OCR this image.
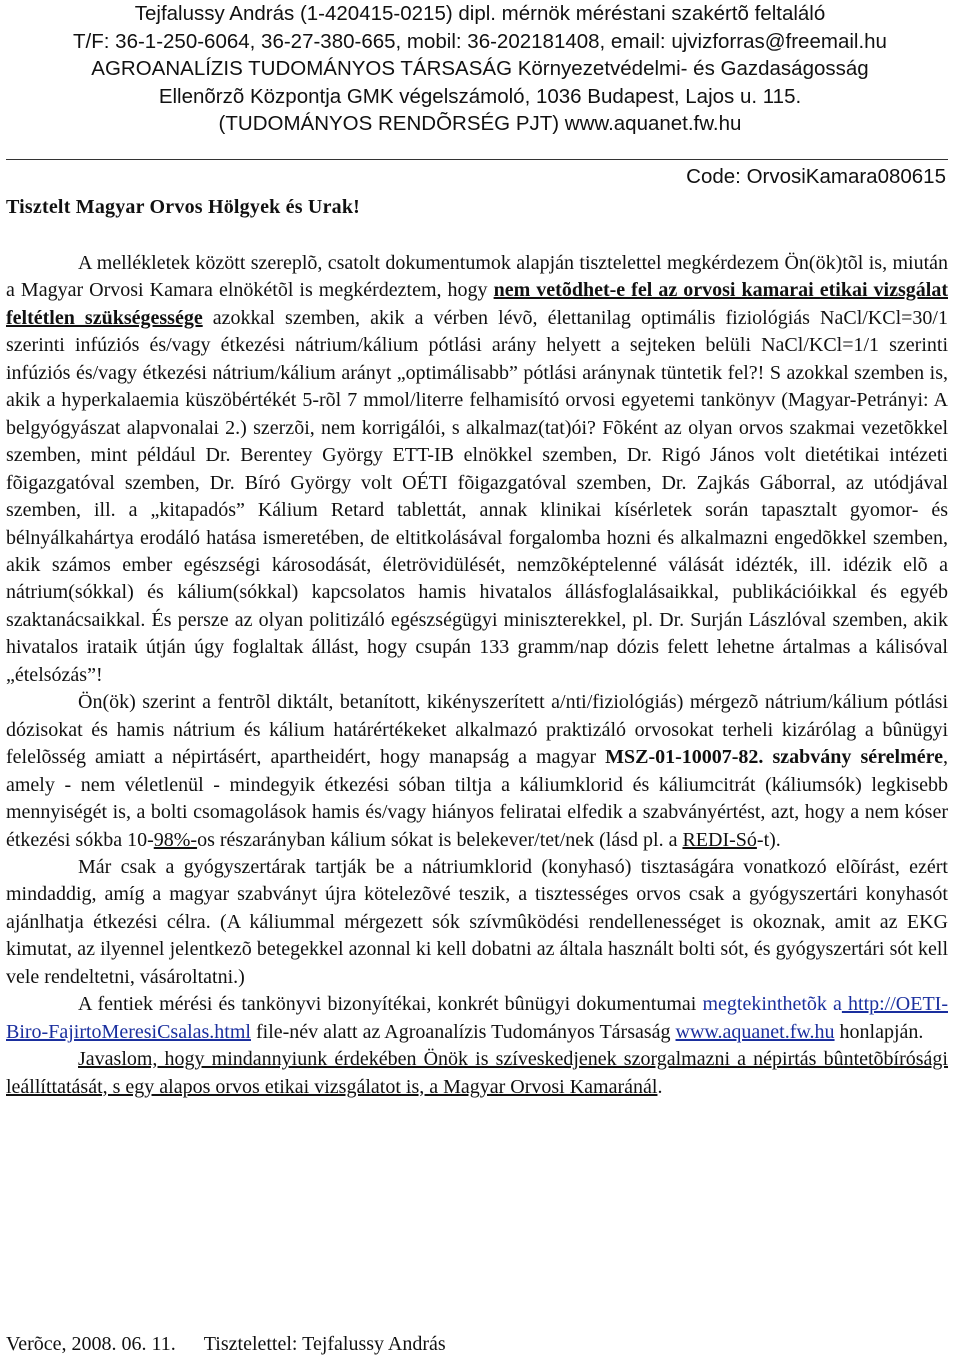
Tejfalussy András (1-420415-0215) dipl. mérnök méréstani szakértõ feltaláló
T/F: 36-1-250-6064, 36-27-380-665, mobil: 36-202181408, email: ujvizforras@freemail.hu
AGROANALÍZIS TUDOMÁNYOS TÁRSASÁG Környezetvédelmi- és Gazdaságosság
Ellenõrzõ Központja GMK végelszámoló, 1036 Budapest, Lajos u. 115.
(TUDOMÁNYOS RENDÕRSÉG PJT) www.aquanet.fw.hu
Code: OrvosiKamara080615
Tisztelt Magyar Orvos Hölgyek és Urak!

A mellékletek között szereplõ, csatolt dokumentumok alapján tisztelettel megkérdezem Ön(ök)tõl is, miután a Magyar Orvosi Kamara elnökétõl is megkérdeztem, hogy nem vetõdhet-e fel az orvosi kamarai etikai vizsgálat feltétlen szükségessége azokkal szemben, akik a vérben lévõ, élettanilag optimális fiziológiás NaCl/KCl=30/1 szerinti infúziós és/vagy étkezési nátrium/kálium pótlási arány helyett a sejteken belüli NaCl/KCl=1/1 szerinti infúziós és/vagy étkezési nátrium/kálium arányt „optimálisabb” pótlási aránynak tüntetik fel?! S azokkal szemben is, akik a hyperkalaemia küszöbértékét 5-rõl 7 mmol/literre felhamisító orvosi egyetemi tankönyv (Magyar-Petrányi: A belgyógyászat alapvonalai 2.) szerzõi, nem korrigálói, s alkalmaz(tat)ói? Fõként az olyan orvos szakmai vezetõkkel szemben, mint például Dr. Berentey György ETT-IB elnökkel szemben, Dr. Rigó János volt dietétikai intézeti fõigazgatóval szemben, Dr. Bíró György volt OÉTI fõigazgatóval szemben, Dr. Zajkás Gáborral, az utódjával szemben, ill. a „kitapadós” Kálium Retard tablettát, annak klinikai kísérletek során tapasztalt gyomor- és bélnyálkahártya erodáló hatása ismeretében, de eltitkolásával forgalomba hozni és alkalmazni engedõkkel szemben, akik számos ember egészségi károsodását, életrövidülését, nemzõképtelenné válását idézték, ill. idézik elõ a nátrium(sókkal) és kálium(sókkal) kapcsolatos hamis hivatalos állásfoglalásaikkal, publikációikkal és egyéb szaktanácsaikkal. És persze az olyan politizáló egészségügyi miniszterekkel, pl. Dr. Surján Lászlóval szemben, akik hivatalos irataik útján úgy foglaltak állást, hogy csupán 133 gramm/nap dózis felett lehetne ártalmas a kálisóval „ételsózás”!

Ön(ök) szerint a fentrõl diktált, betanított, kikényszerített a/nti/fiziológiás) mérgezõ nátrium/kálium pótlási dózisokat és hamis nátrium és kálium határértékeket alkalmazó praktizáló orvosokat terheli kizárólag a bûnügyi felelõsség amiatt a népirtásért, apartheidért, hogy manapság a magyar MSZ-01-10007-82. szabvány sérelmére, amely - nem véletlenül - mindegyik étkezési sóban tiltja a káliumklorid és káliumcitrát (káliumsók) legkisebb mennyiségét is, a bolti csomagolások hamis és/vagy hiányos feliratai elfedik a szabványértést, azt, hogy a nem kóser étkezési sókba 10-98%-os részarányban kálium sókat is belekever/tet/nek (lásd pl. a REDI-Só-t).

Már csak a gyógyszertárak tartják be a nátriumklorid (konyhasó) tisztaságára vonatkozó elõírást, ezért mindaddig, amíg a magyar szabványt újra kötelezõvé teszik, a tisztességes orvos csak a gyógyszertári konyhasót ajánlhatja étkezési célra. (A káliummal mérgezett sók szívmûködési rendellenességet is okoznak, amit az EKG kimutat, az ilyennel jelentkezõ betegekkel azonnal ki kell dobatni az általa használt bolti sót, és gyógyszertári sót kell vele rendeltetni, vásároltatni.)

A fentiek mérési és tankönyvi bizonyítékai, konkrét bûnügyi dokumentumai megtekinthetõk a http://OETI-Biro-FajirtoMeresiCsalas.html file-név alatt az Agroanalízis Tudományos Társaság www.aquanet.fw.hu honlapján.

Javaslom, hogy mindannyiunk érdekében Önök is szíveskedjenek szorgalmazni a népirtás bûntetõbírósági leállíttatását, s egy alapos orvos etikai vizsgálatot is, a Magyar Orvosi Kamaránál.

Verõce, 2008. 06. 11. Tisztelettel: Tejfalussy András
